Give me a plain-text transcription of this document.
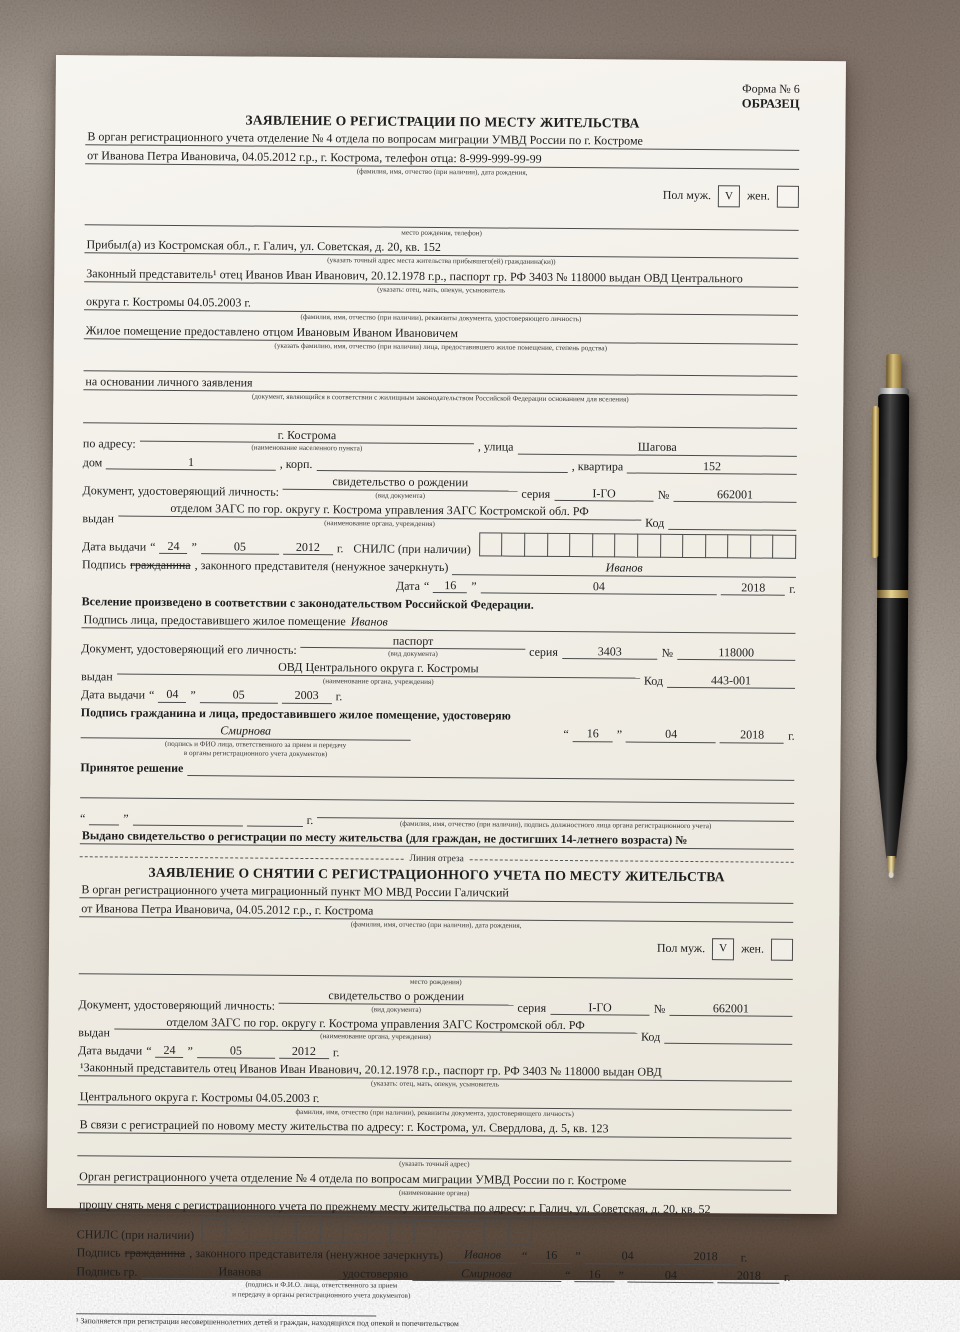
Форма № 6
ОБРАЗЕЦ
ЗАЯВЛЕНИЕ О РЕГИСТРАЦИИ ПО МЕСТУ ЖИТЕЛЬСТВА
В орган регистрационного учета отделение № 4 отдела по вопросам миграции УМВД России по г. Костроме
от Иванова Петра Ивановича, 04.05.2012 г.р., г. Кострома, телефон отца: 8-999-999-99-99
(фамилия, имя, отчество (при наличии), дата рождения,
Пол муж.	V	жен.
место рождения, телефон)
Прибыл(а) из Костромская обл., г. Галич, ул. Советская, д. 20, кв. 152
(указать точный адрес места жительства прибывшего(ей) гражданина(ки))
Законный представитель¹ отец Иванов Иван Иванович, 20.12.1978 г.р., паспорт гр. РФ 3403 № 118000 выдан ОВД Центрального
(указать: отец, мать, опекун, усыновитель
округа г. Костромы 04.05.2003 г.
(фамилия, имя, отчество (при наличии), реквизиты документа, удостоверяющего личность)
Жилое помещение предоставлено отцом Ивановым Иваном Ивановичем
(указать фамилию, имя, отчество (при наличии) лица, предоставившего жилое помещение, степень родства)
на основании личного заявления
(документ, являющийся в соответствии с жилищным законодательством Российской Федерации основанием для вселения)
по адресу:
г. Кострома
(наименование населенного пункта)	, улица	Шагова
дом	1	, корп.	, квартира	152
Документ, удостоверяющий личность:
свидетельство о рождении
(вид документа)	серия	І-ГО	№	662001
выдан	отделом ЗАГС по гор. округу г. Кострома управления ЗАГС Костромской обл. РФ
(наименование органа, учреждения)	Код
Дата выдачи “ 24 ”	05	2012	г. СНИЛС (при наличии)
Подпись гражданина , законного представителя (ненужное зачеркнуть)	Иванов
Дата “	16	”	04	2018	г.
Вселение произведено в соответствии с законодательством Российской Федерации.
Подпись лица, предоставившего жилое помещение Иванов
Документ, удостоверяющий его личность:
паспорт
(вид документа)	серия	3403	№	118000
выдан
ОВД Центрального округа г. Костромы
(наименование органа, учреждения)	Код	443-001
Дата выдачи “ 04 ”	05	2003	г.
Подпись гражданина и лица, предоставившего жилое помещение, удостоверяю
Смирнова	“	16	”	04	2018	г.
(подпись и ФИО лица, ответственного за прием и передачу
в органы регистрационного учета документов)
Принятое решение
“	”	г.	(фамилия, имя, отчество (при наличии), подпись должностного лица органа регистрационного учета)
Выдано свидетельство о регистрации по месту жительства (для граждан, не достигших 14-летнего возраста) №
Линия отреза
ЗАЯВЛЕНИЕ О СНЯТИИ С РЕГИСТРАЦИОННОГО УЧЕТА ПО МЕСТУ ЖИТЕЛЬСТВА
В орган регистрационного учета миграционный пункт МО МВД России Галичский
от Иванова Петра Ивановича, 04.05.2012 г.р., г. Кострома
(фамилия, имя, отчество (при наличии), дата рождения,
Пол муж.	V	жен.
место рождения)
Документ, удостоверяющий личность:
свидетельство о рождении
(вид документа)	серия	І-ГО	№	662001
выдан	отделом ЗАГС по гор. округу г. Кострома управления ЗАГС Костромской обл. РФ
(наименование органа, учреждения)	Код
Дата выдачи “ 24 ”	05	2012	г.
¹Законный представитель отец Иванов Иван Иванович, 20.12.1978 г.р., паспорт гр. РФ 3403 № 118000 выдан ОВД
(указать: отец, мать, опекун, усыновитель
Центрального округа г. Костромы 04.05.2003 г.
фамилия, имя, отчество (при наличии), реквизиты документа, удостоверяющего личность)
В связи с регистрацией по новому месту жительства по адресу: г. Кострома, ул. Свердлова, д. 5, кв. 123
(указать точный адрес)
Орган регистрационного учета отделение № 4 отдела по вопросам миграции УМВД России по г. Костроме
(наименование органа)
прошу снять меня с регистрационного учета по прежнему месту жительства по адресу: г. Галич, ул. Советская, д. 20, кв. 52
СНИЛС (при наличии)
Подпись гражданина , законного представителя (ненужное зачеркнуть)	Иванов	“	16	”	04	2018	г.
Подпись гр.	Иванова	удостоверяю	Смирнова	“	16	”	04	2018	г.
(подпись и Ф.И.О. лица, ответственного за прием
и передачу в органы регистрационного учета документов)
¹ Заполняется при регистрации несовершеннолетних детей и граждан, находящихся под опекой и попечительством
